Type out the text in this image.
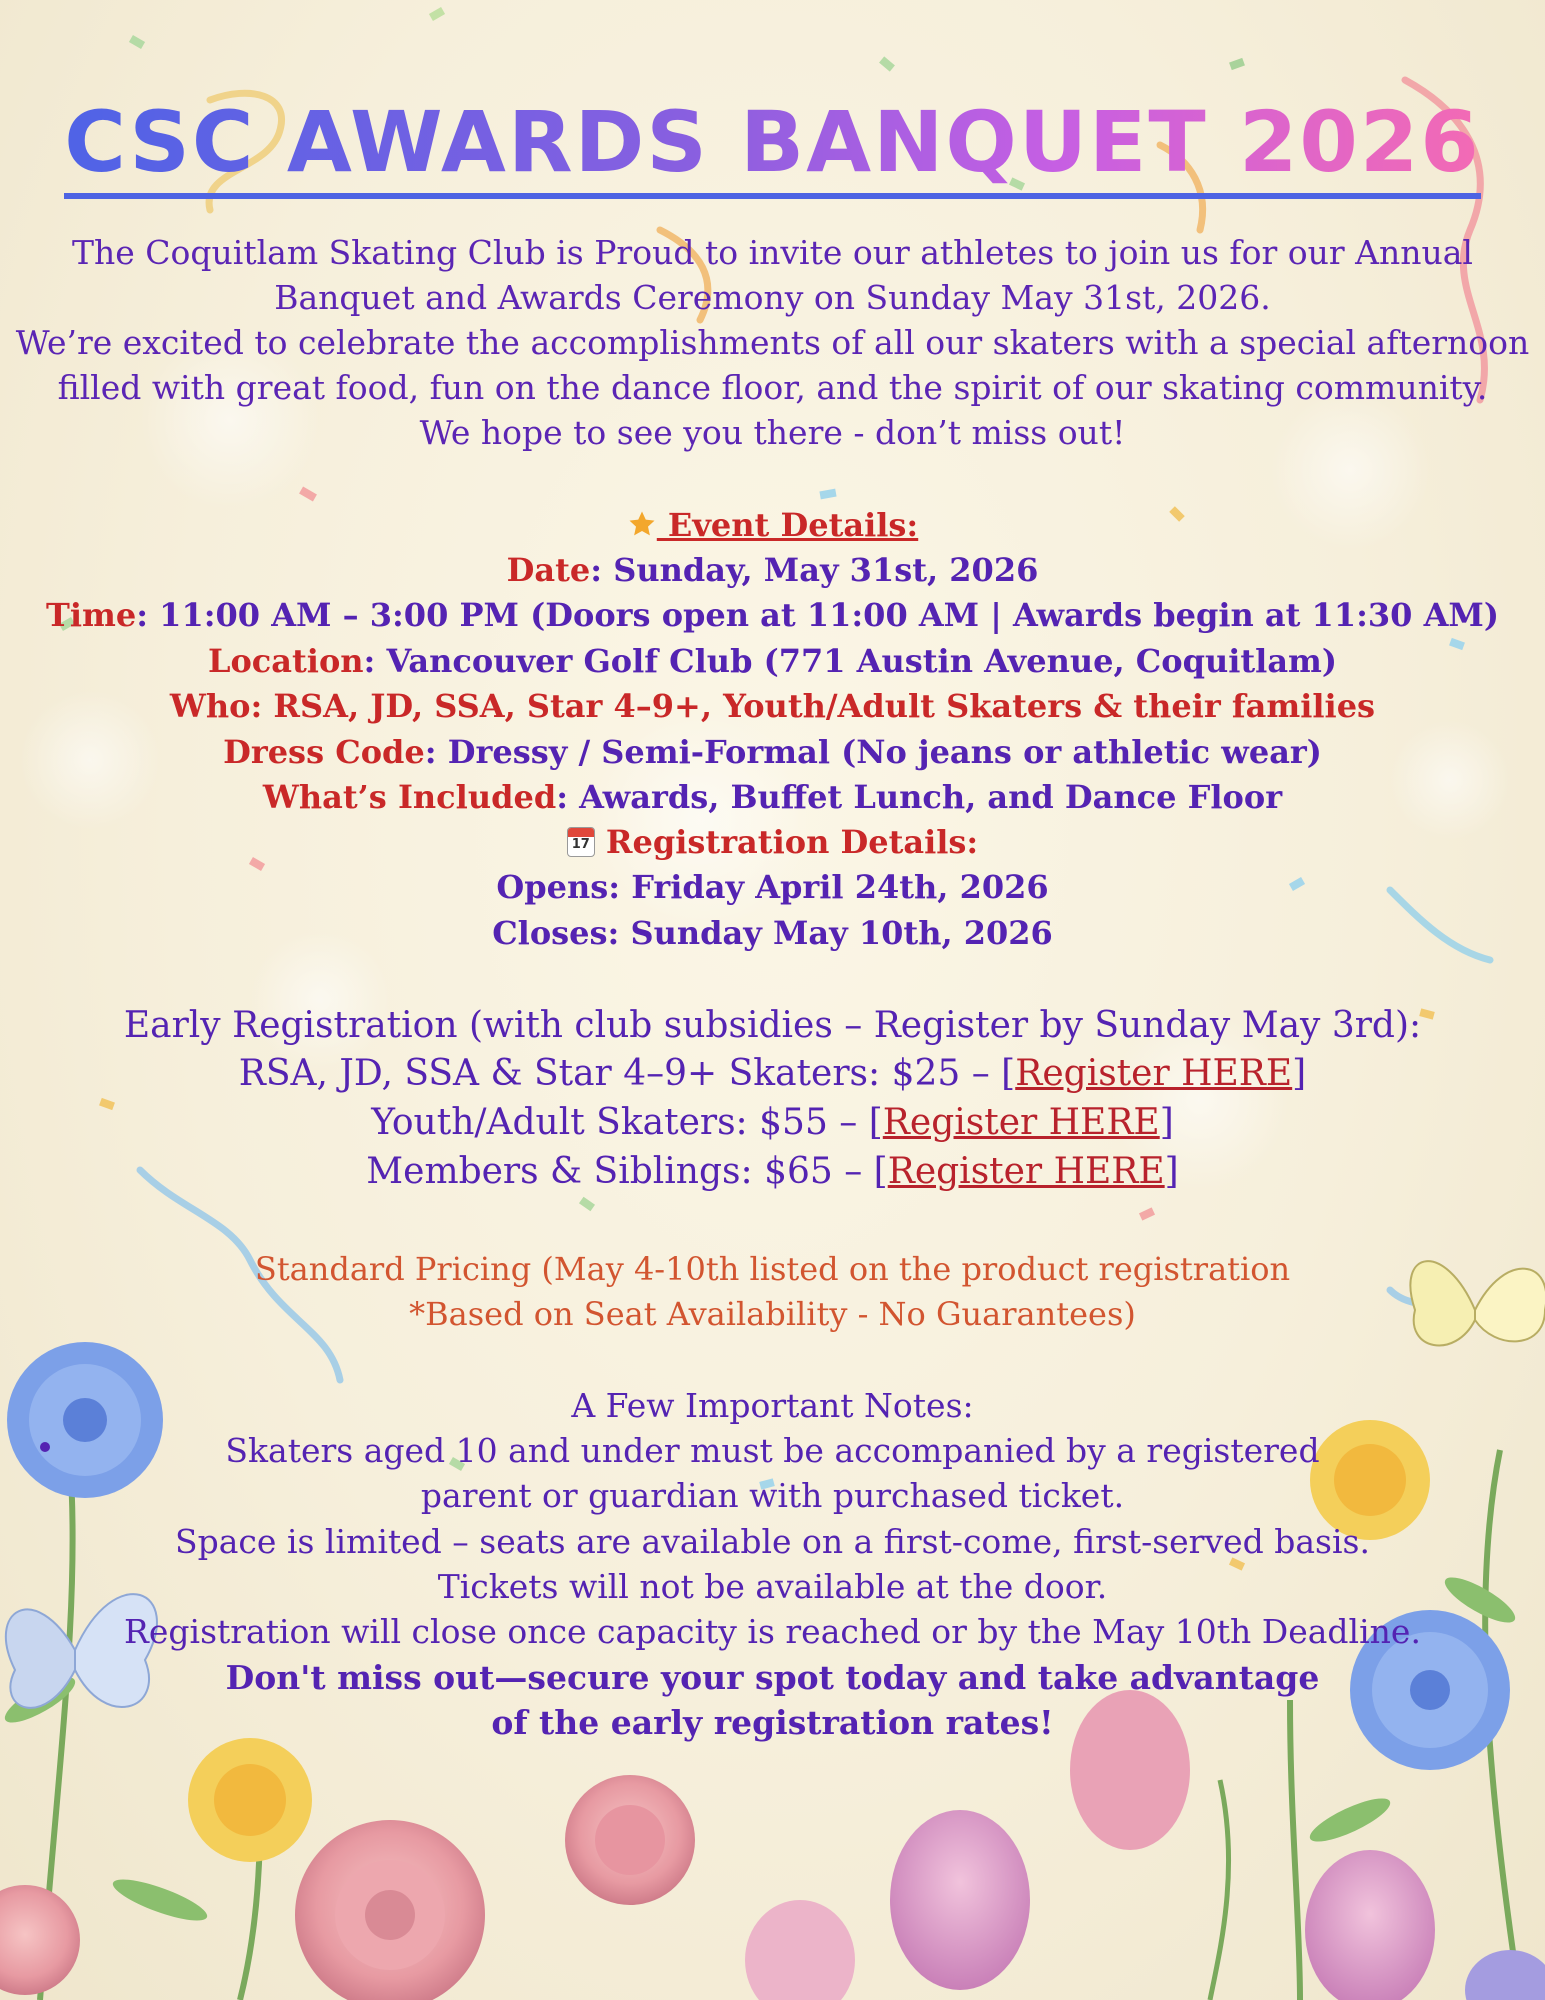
CSC AWARDS BANQUET 2026
The Coquitlam Skating Club is Proud to invite our athletes to join us for our Annual
Banquet and Awards Ceremony on Sunday May 31st, 2026.
We’re excited to celebrate the accomplishments of all our skaters with a special afternoon
filled with great food, fun on the dance floor, and the spirit of our skating community.
We hope to see you there - don’t miss out!
Event Details:
Date: Sunday, May 31st, 2026
Time: 11:00 AM – 3:00 PM (Doors open at 11:00 AM | Awards begin at 11:30 AM)
Location: Vancouver Golf Club (771 Austin Avenue, Coquitlam)
Who: RSA, JD, SSA, Star 4–9+, Youth/Adult Skaters & their families
Dress Code: Dressy / Semi-Formal (No jeans or athletic wear)
What’s Included: Awards, Buffet Lunch, and Dance Floor
17 Registration Details:
Opens: Friday April 24th, 2026
Closes: Sunday May 10th, 2026
Early Registration (with club subsidies – Register by Sunday May 3rd):
RSA, JD, SSA & Star 4–9+ Skaters: $25 – [Register HERE]
Youth/Adult Skaters: $55 – [Register HERE]
Members & Siblings: $65 – [Register HERE]
Standard Pricing (May 4-10th listed on the product registration
*Based on Seat Availability - No Guarantees)
A Few Important Notes:
Skaters aged 10 and under must be accompanied by a registered
parent or guardian with purchased ticket.
Space is limited – seats are available on a first-come, first-served basis.
Tickets will not be available at the door.
Registration will close once capacity is reached or by the May 10th Deadline.
Don't miss out—secure your spot today and take advantage
of the early registration rates!
